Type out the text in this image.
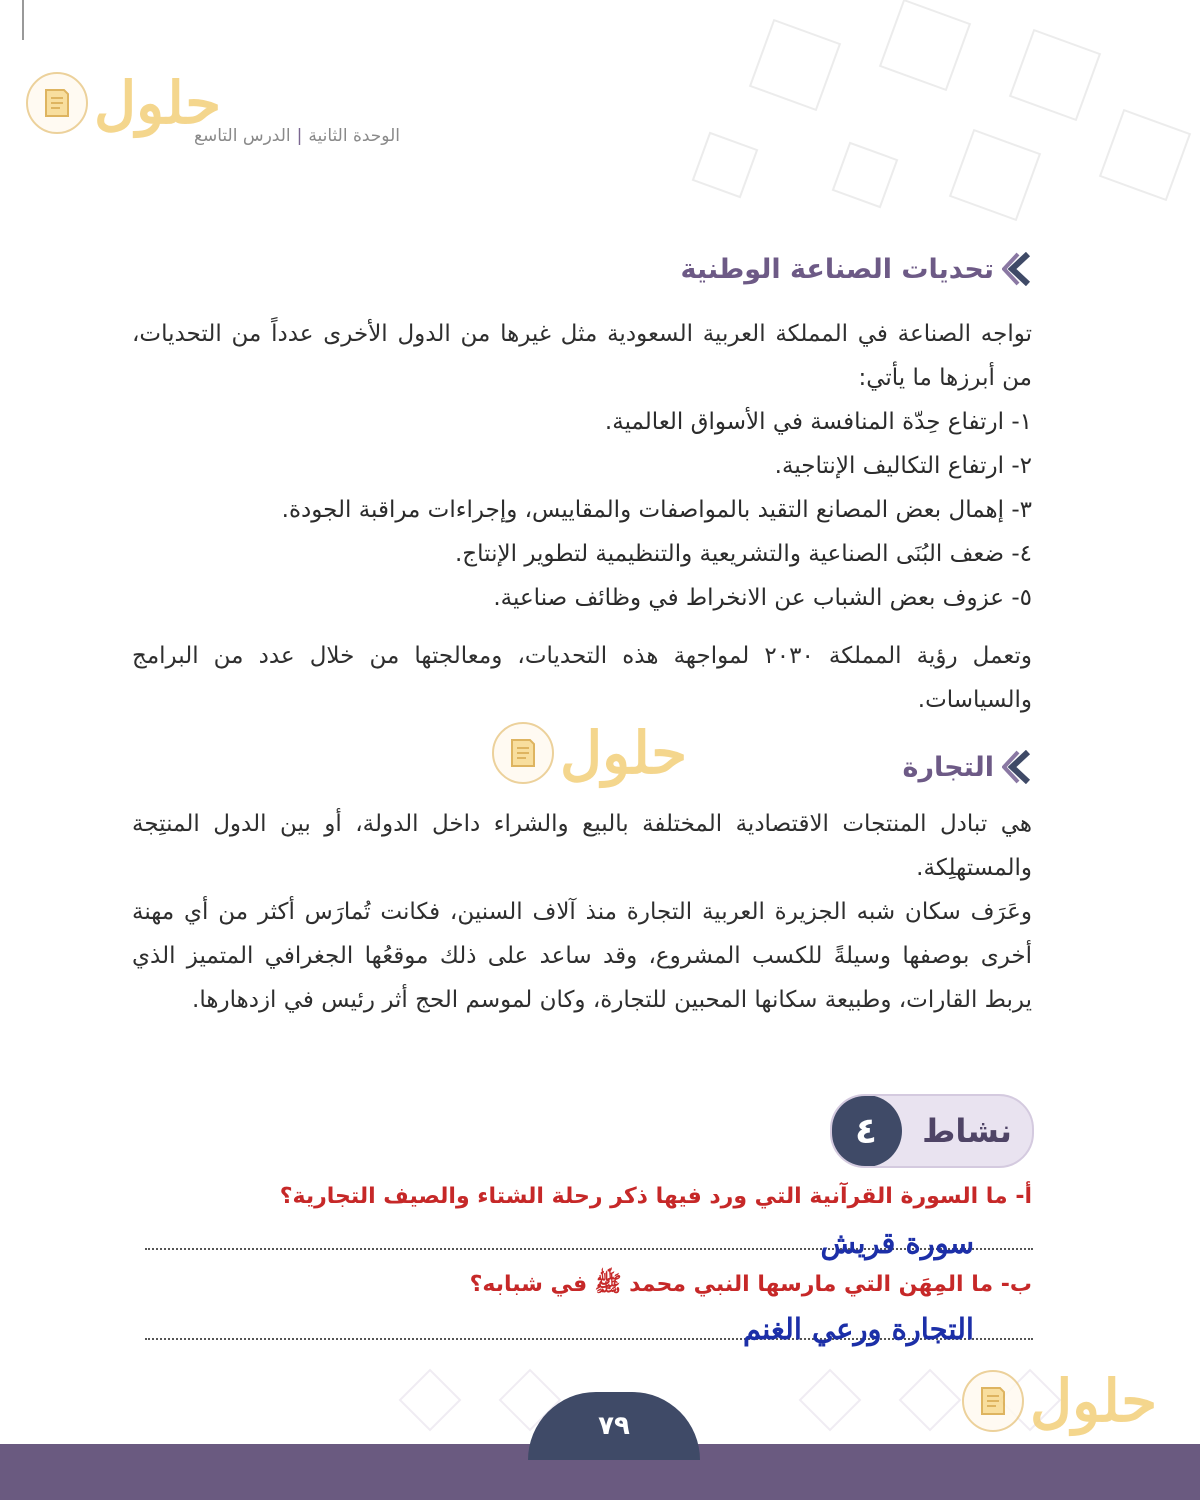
حلول	الوحدة الثانية|الدرس التاسع
تحديات الصناعة الوطنية
تواجه الصناعة في المملكة العربية السعودية مثل غيرها من الدول الأخرى عدداً من التحديات، من أبرزها ما يأتي:
١- ارتفاع حِدّة المنافسة في الأسواق العالمية.
٢- ارتفاع التكاليف الإنتاجية.
٣- إهمال بعض المصانع التقيد بالمواصفات والمقاييس، وإجراءات مراقبة الجودة.
٤- ضعف البُنَى الصناعية والتشريعية والتنظيمية لتطوير الإنتاج.
٥- عزوف بعض الشباب عن الانخراط في وظائف صناعية.
وتعمل رؤية المملكة ٢٠٣٠ لمواجهة هذه التحديات، ومعالجتها من خلال عدد من البرامج والسياسات.
حلول	التجارة
هي تبادل المنتجات الاقتصادية المختلفة بالبيع والشراء داخل الدولة، أو بين الدول المنتِجة والمستهلِكة.
وعَرَف سكان شبه الجزيرة العربية التجارة منذ آلاف السنين، فكانت تُمارَس أكثر من أي مهنة أخرى بوصفها وسيلةً للكسب المشروع، وقد ساعد على ذلك موقعُها الجغرافي المتميز الذي يربط القارات، وطبيعة سكانها المحبين للتجارة، وكان لموسم الحج أثر رئيس في ازدهارها.
نشاط
٤
أ- ما السورة القرآنية التي ورد فيها ذكر رحلة الشتاء والصيف التجارية؟
سورة قريش
ب- ما المِهَن التي مارسها النبي محمد ﷺ في شبابه؟
التجارة ورعي الغنم
حلول
٧٩
